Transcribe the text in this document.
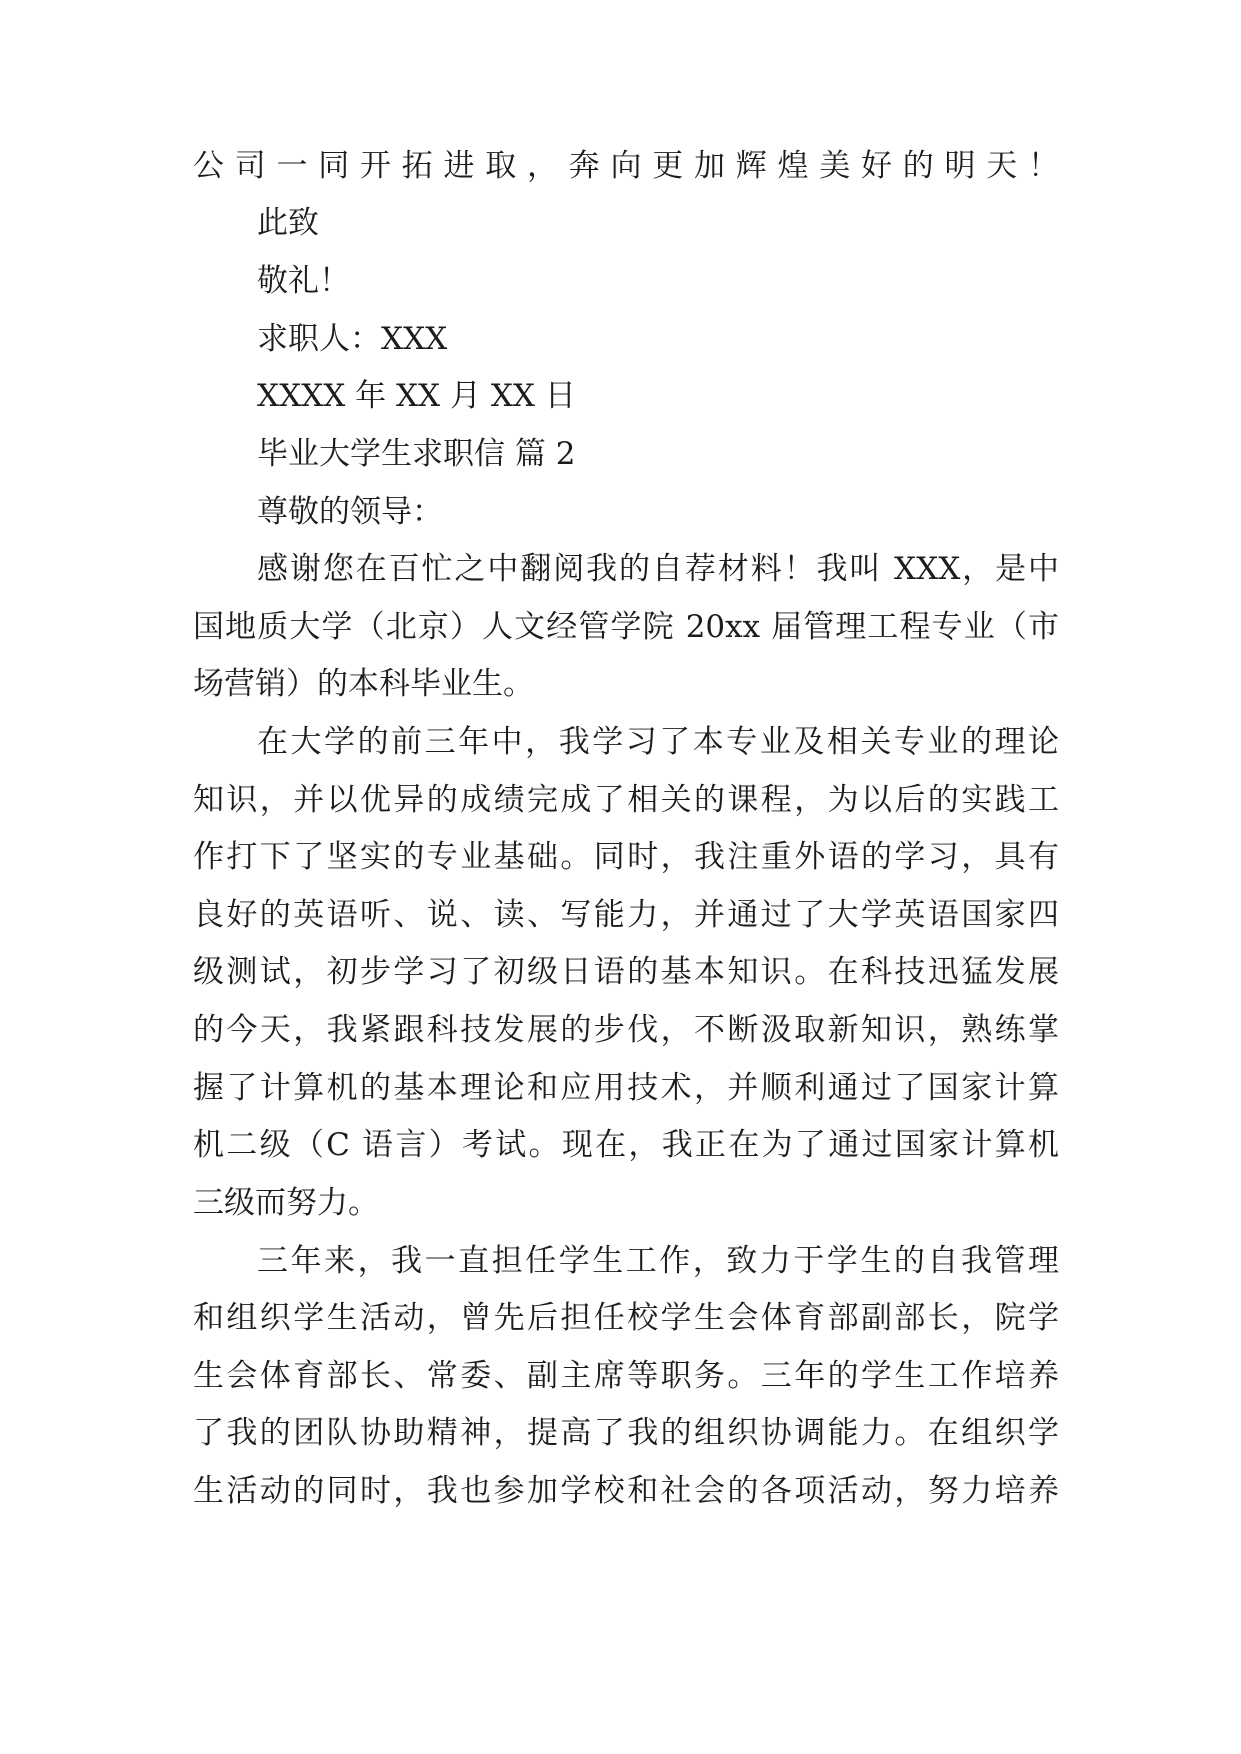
公司一同开拓进取，奔向更加辉煌美好的明天！
此致
敬礼！
求职人：XXX
XXXX 年 XX 月 XX 日
毕业大学生求职信 篇 2
尊敬的领导：
感谢您在百忙之中翻阅我的自荐材料！我叫 XXX，是中
国地质大学（北京）人文经管学院 20xx 届管理工程专业（市
场营销）的本科毕业生。
在大学的前三年中，我学习了本专业及相关专业的理论
知识，并以优异的成绩完成了相关的课程，为以后的实践工
作打下了坚实的专业基础。同时，我注重外语的学习，具有
良好的英语听、说、读、写能力，并通过了大学英语国家四
级测试，初步学习了初级日语的基本知识。在科技迅猛发展
的今天，我紧跟科技发展的步伐，不断汲取新知识，熟练掌
握了计算机的基本理论和应用技术，并顺利通过了国家计算
机二级（C 语言）考试。现在，我正在为了通过国家计算机
三级而努力。
三年来，我一直担任学生工作，致力于学生的自我管理
和组织学生活动，曾先后担任校学生会体育部副部长，院学
生会体育部长、常委、副主席等职务。三年的学生工作培养
了我的团队协助精神，提高了我的组织协调能力。在组织学
生活动的同时，我也参加学校和社会的各项活动，努力培养
